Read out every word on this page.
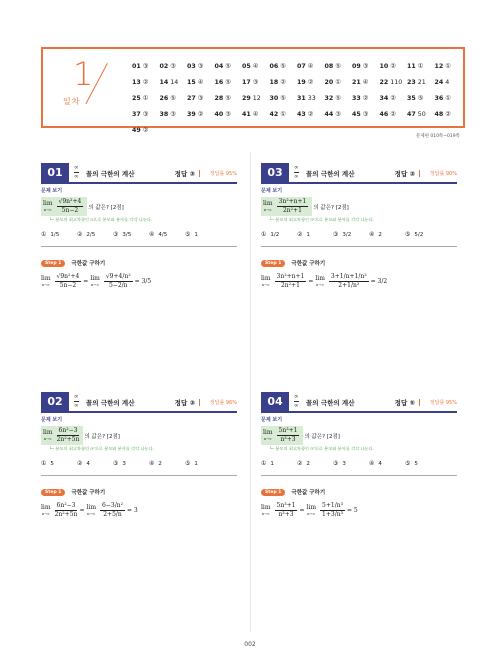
1
일차
01 ③	02 ③	03 ③	04 ⑤	05 ④	06 ⑤	07 ④	08 ⑤	09 ③	10 ②	11 ①	12 ①
13 ②	14 14	15 ④	16 ⑤	17 ③	18 ②	19 ②	20 ①	21 ④	22 110 23 21	24 4
25 ①	26 ⑤	27 ③	28 ⑤	29 12	30 ⑤	31 33	32 ⑤	33 ②	34 ②	35 ⑤	36 ①
37 ③	38 ③	39 ②	40 ③	41 ④	42 ①	43 ②	44 ③	45 ③	46 ②	47 50	48 ②
49 ②
문제편 010쪽~019쪽
01	∞
∞ 꼴의 극한의 계산	정답 ③	정답률 95%
문제 보기
lim
n→∞
√9n²+4
5n−2 의 값은? [2점]
└─ 분모의 최고차항인 n으로 분모와 분자를 각각 나눈다.
① 1/5	② 2/5	③ 3/5	④ 4/5	⑤ 1
Step 1	극한값 구하기
lim
$n\to\infty \frac{\text{√9n²+4}}{5n-2} = \lim$
$n\to\infty \frac{\text{√9+4/n²}}{5-2/n} = 3/5$
03	∞
∞ 꼴의 극한의 계산	정답 ③	정답률 90%
문제 보기
lim
n→∞
3n²+n+1
2n²+1 의 값은? [2점]
└─ 분모의 최고차항인 n²으로 분모와 분자를 각각 나눈다.
① 1/2	② 1	③ 3/2	④ 2	⑤ 5/2
Step 1	극한값 구하기
lim
$n\to\infty \frac{\text{3n²+n+1}}{\text{2n²+1}} = \lim$
$n\to\infty \frac{\text{3+1/n+1/n²}}{\text{2+1/n²}} = 3/2$
02	∞
∞ 꼴의 극한의 계산	정답 ③	정답률 96%
문제 보기
lim
n→∞
6n²−3
2n²+5n 의 값은? [2점]
└─ 분모의 최고차항인 n²으로 분모와 분자를 각각 나눈다.
① 5	② 4	③ 3	④ 2	⑤ 1
Step 1	극한값 구하기
lim
$n\to\infty \frac{\text{6n²−3}}{\text{2n²+5n}} = \lim$
$n\to\infty \frac{\text{6−3/n²}}{2+5/n} = 3$
04	∞
∞ 꼴의 극한의 계산	정답 ⑤	정답률 95%
문제 보기
lim
n→∞
5n³+1
n³+3 의 값은? [2점]
└─ 분모의 최고차항인 n³으로 분모와 분자를 각각 나눈다.
① 1	② 2	③ 3	④ 4	⑤ 5
Step 1	극한값 구하기
lim
$n\to\infty \frac{\text{5n³+1}}{\text{n³+3}} = \lim$
$n\to\infty \frac{\text{5+1/n³}}{\text{1+3/n³}} = 5$
002
